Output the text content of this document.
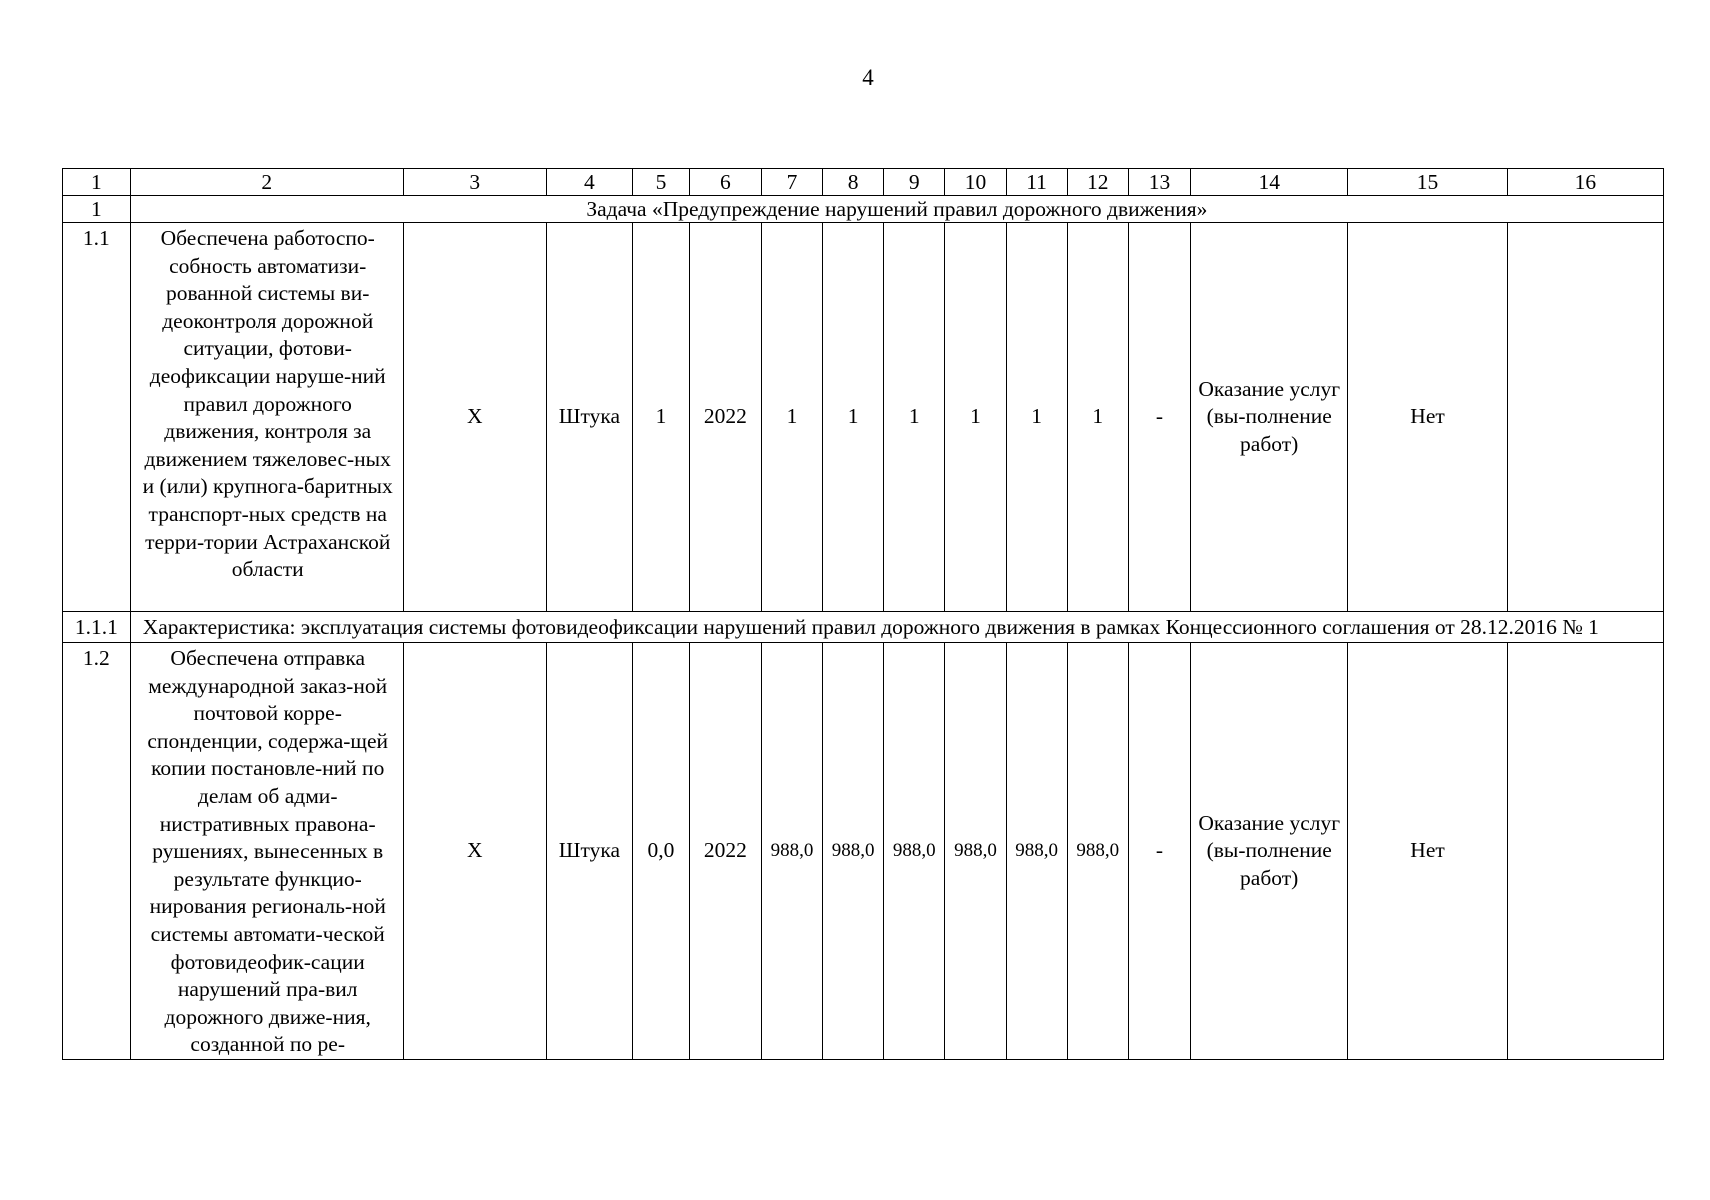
4
1	2	3	4	5	6	7	8	9	10	11	12	13	14	15	16
1	Задача «Предупреждение нарушений правил дорожного движения»														
1.1	Обеспечена работоспо-собность автоматизи-рованной системы ви-деоконтроля дорожной ситуации, фотови-деофиксации наруше-ний правил дорожного движения, контроля за движением тяжеловес-ных и (или) крупнога-баритных транспорт-ных средств на терри-тории Астраханской области	Х	Штука	1	2022	1	1	1	1	1	1	-	Оказание услуг (вы-полнение работ)	Нет	
1.1.1	Характеристика: эксплуатация системы фотовидеофиксации нарушений правил дорожного движения в рамках Концессионного соглашения от 28.12.2016 № 1														
1.2	Обеспечена отправка международной заказ-ной почтовой корре-спонденции, содержа-щей копии постановле-ний по делам об адми-нистративных правона-рушениях, вынесенных в результате функцио-нирования региональ-ной системы автомати-ческой фотовидеофик-сации нарушений пра-вил дорожного движе-ния, созданной по ре-	Х	Штука	0,0	2022	988,0	988,0	988,0	988,0	988,0	988,0	-	Оказание услуг (вы-полнение работ)	Нет	
